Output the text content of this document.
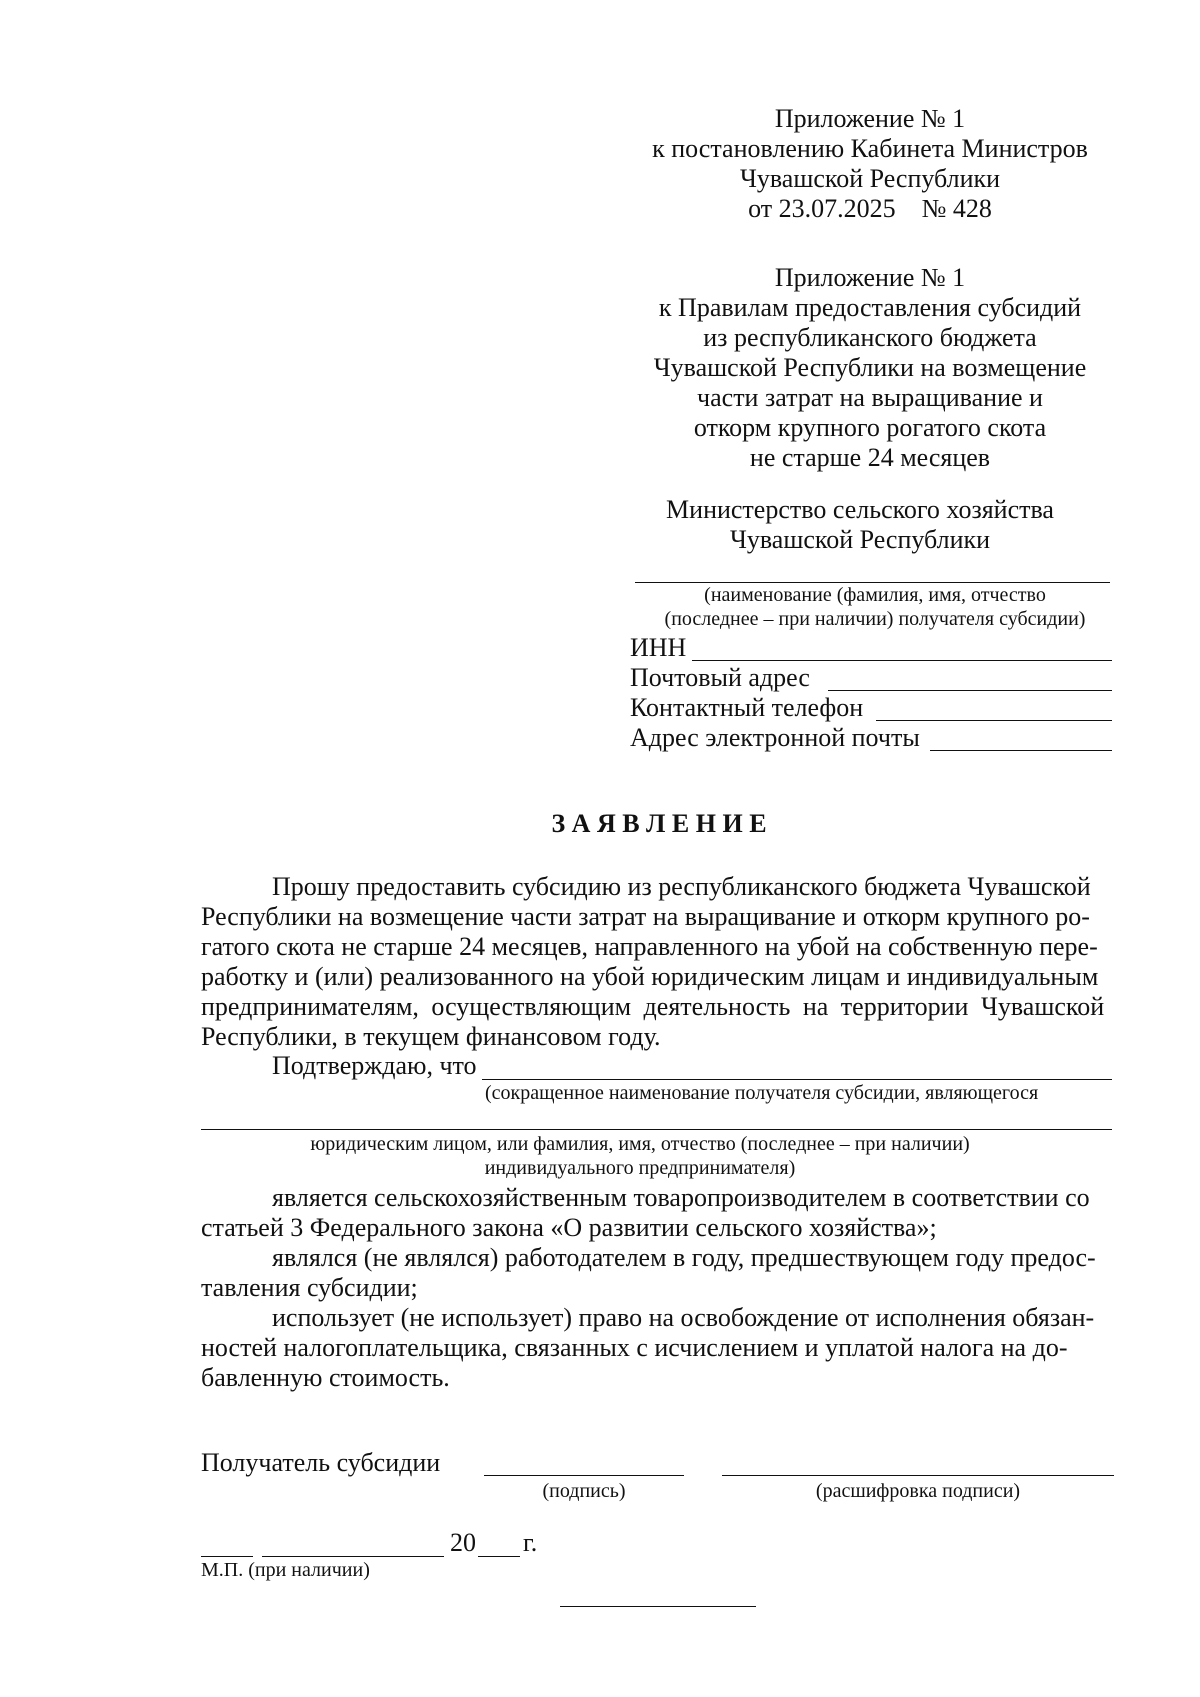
Приложение № 1
к постановлению Кабинета Министров
Чувашской Республики
от 23.07.2025    № 428
Приложение № 1
к Правилам предоставления субсидий
из республиканского бюджета
Чувашской Республики на возмещение
части затрат на выращивание и
откорм крупного рогатого скота
не старше 24 месяцев
Министерство сельского хозяйства
Чувашской Республики
(наименование (фамилия, имя, отчество
(последнее – при наличии) получателя субсидии)
ИНН
Почтовый адрес
Контактный телефон
Адрес электронной почты
З А Я В Л Е Н И Е
Прошу предоставить субсидию из республиканского бюджета Чувашской
Республики на возмещение части затрат на выращивание и откорм крупного ро-
гатого скота не старше 24 месяцев, направленного на убой на собственную пере-
работку и (или) реализованного на убой юридическим лицам и индивидуальным
предпринимателям, осуществляющим деятельность на территории Чувашской
Республики, в текущем финансовом году.
Подтверждаю, что
(сокращенное наименование получателя субсидии, являющегося
юридическим лицом, или фамилия, имя, отчество (последнее – при наличии)
индивидуального предпринимателя)
является сельскохозяйственным товаропроизводителем в соответствии со
статьей 3 Федерального закона «О развитии сельского хозяйства»;
являлся (не являлся) работодателем в году, предшествующем году предос-
тавления субсидии;
использует (не использует) право на освобождение от исполнения обязан-
ностей налогоплательщика, связанных с исчислением и уплатой налога на до-
бавленную стоимость.
Получатель субсидии
(подпись)	(расшифровка подписи)
20 г.
М.П. (при наличии)
